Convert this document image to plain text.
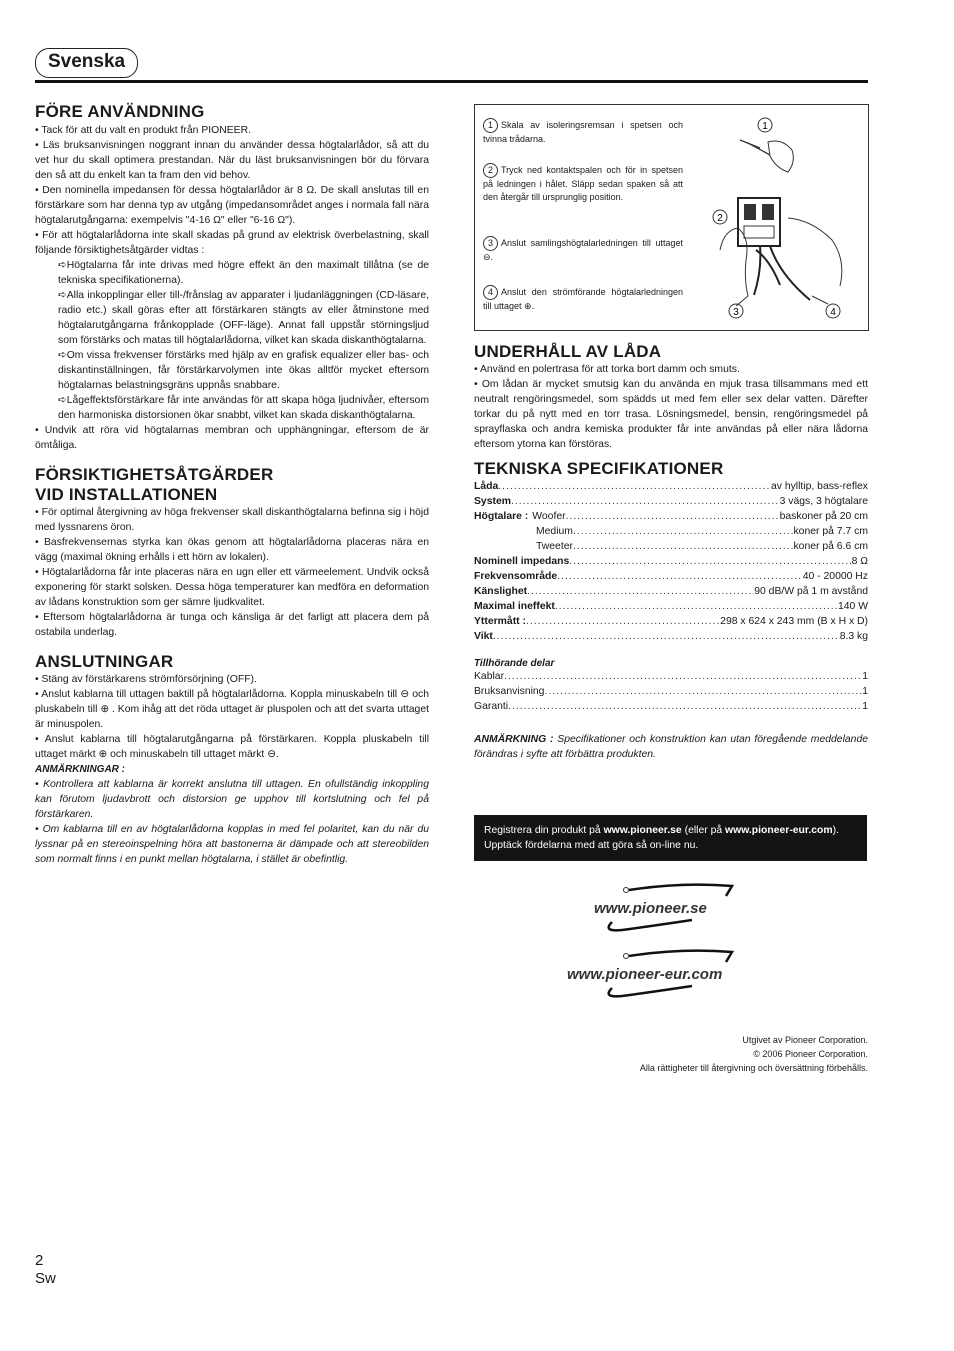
Svenska
FÖRE ANVÄNDNING

• Tack för att du valt en produkt från PIONEER.

• Läs bruksanvisningen noggrant innan du använder dessa högtalarlådor, så att du vet hur du skall optimera prestandan. När du läst bruksanvisningen bör du förvara den så att du enkelt kan ta fram den vid behov.

• Den nominella impedansen för dessa högtalarlådor är 8 Ω. De skall anslutas till en förstärkare som har denna typ av utgång (impedansområdet anges i normala fall nära högtalarutgångarna: exempelvis "4-16 Ω" eller "6-16 Ω").

• För att högtalarlådorna inte skall skadas på grund av elektrisk överbelastning, skall följande försiktighetsåtgärder vidtas :

➪Högtalarna får inte drivas med högre effekt än den maximalt tillåtna (se de tekniska specifikationerna).

➪Alla inkopplingar eller till-/frånslag av apparater i ljudanläggningen (CD-läsare, radio etc.) skall göras efter att förstärkaren stängts av eller åtminstone med högtalarutgångarna frånkopplade (OFF-läge). Annat fall uppstår störningsljud som förstärks och matas till högtalarlådorna, vilket kan skada diskanthögtalarna.

➪Om vissa frekvenser förstärks med hjälp av en grafisk equalizer eller bas- och diskantinställningen, får förstärkarvolymen inte ökas alltför mycket eftersom högtalarnas belastningsgräns uppnås snabbare.

➪Lågeffektsförstärkare får inte användas för att skapa höga ljudnivåer, eftersom den harmoniska distorsionen ökar snabbt, vilket kan skada diskanthögtalarna.

• Undvik att röra vid högtalarnas membran och upphängningar, eftersom de är ömtåliga.

FÖRSIKTIGHETSÅTGÄRDER
VID INSTALLATIONEN

• För optimal återgivning av höga frekvenser skall diskanthögtalarna befinna sig i höjd med lyssnarens öron.

• Basfrekvensernas styrka kan ökas genom att högtalarlådorna placeras nära en vägg (maximal ökning erhålls i ett hörn av lokalen).

• Högtalarlådorna får inte placeras nära en ugn eller ett värmeelement. Undvik också exponering för starkt solsken. Dessa höga temperaturer kan medföra en deformation av lådans konstruktion som ger sämre ljudkvalitet.

• Eftersom högtalarlådorna är tunga och känsliga är det farligt att placera dem på ostabila underlag.

ANSLUTNINGAR

• Stäng av förstärkarens strömförsörjning (OFF).

• Anslut kablarna till uttagen baktill på högtalarlådorna. Koppla minuskabeln till ⊖ och pluskabeln till ⊕ . Kom ihåg att det röda uttaget är pluspolen och att det svarta uttaget är minuspolen.

• Anslut kablarna till högtalarutgångarna på förstärkaren. Koppla pluskabeln till uttaget märkt ⊕ och minuskabeln till uttaget märkt ⊖.

ANMÄRKNINGAR :

• Kontrollera att kablarna är korrekt anslutna till uttagen. En ofullständig inkoppling kan förutom ljudavbrott och distorsion ge upphov till kortslutning och fel på förstärkaren.

• Om kablarna till en av högtalarlådorna kopplas in med fel polaritet, kan du när du lyssnar på en stereoinspelning höra att bastonerna är dämpade och att stereobilden som normalt finns i en punkt mellan högtalarna, i stället är obefintlig.

1 Skala av isoleringsremsan i spetsen och tvinna trådarna.
2 Tryck ned kontaktspalen och för in spetsen på ledningen i hålet. Släpp sedan spaken så att den återgår till ursprunglig position.
3 Anslut samlingshögtalarledningen till uttaget ⊖.
4 Anslut den strömförande högtalarledningen till uttaget ⊕.
1
2
3	4
UNDERHÅLL AV LÅDA

• Använd en polertrasa för att torka bort damm och smuts.

• Om lådan är mycket smutsig kan du använda en mjuk trasa tillsammans med ett neutralt rengöringsmedel, som spädds ut med fem eller sex delar vatten. Därefter torkar du på nytt med en torr trasa. Lösningsmedel, bensin, rengöringsmedel på sprayflaska och andra kemiska produkter får inte användas på eller nära lådorna eftersom ytorna kan förstöras.

TEKNISKA SPECIFIKATIONER
Låda .....	av hylltip, bass-reflex
System .....	3 vägs, 3 högtalare
Högtalare : Woofer .....	baskoner på 20 cm
Medium .....	koner på 7.7 cm
Tweeter .....	koner på 6.6 cm
Nominell impedans .....	8 Ω
Frekvensområde .....	40 - 20000 Hz
Känslighet .....	90 dB/W på 1 m avstånd
Maximal ineffekt .....	140 W
Yttermått : .....	298 x 624 x 243 mm (B x H x D)
Vikt .....	8.3 kg
Tillhörande delar
Kablar .....	1
Bruksanvisning .....	1
Garanti .....	1
ANMÄRKNING : Specifikationer och konstruktion kan utan föregående meddelande förändras i syfte att förbättra produkten.
Registrera din produkt på www.pioneer.se (eller på www.pioneer-eur.com).
Upptäck fördelarna med att göra så on-line nu.
www.pioneer.se
www.pioneer-eur.com
Utgivet av Pioneer Corporation.
© 2006 Pioneer Corporation.
Alla rättigheter till återgivning och översättning förbehålls.
2
Sw
